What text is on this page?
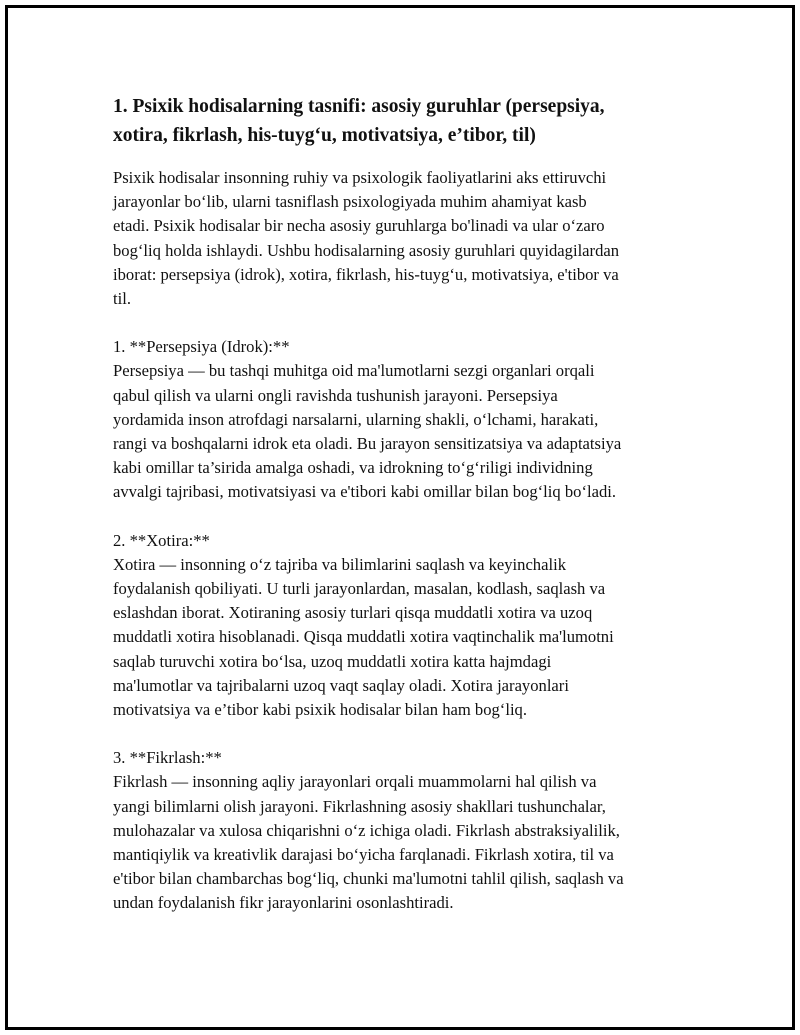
1. Psixik hodisalarning tasnifi: asosiy guruhlar (persepsiya,
xotira, fikrlash, his-tuyg‘u, motivatsiya, e’tibor, til)

Psixik hodisalar insonning ruhiy va psixologik faoliyatlarini aks ettiruvchi
jarayonlar bo‘lib, ularni tasniflash psixologiyada muhim ahamiyat kasb
etadi. Psixik hodisalar bir necha asosiy guruhlarga bo'linadi va ular o‘zaro
bog‘liq holda ishlaydi. Ushbu hodisalarning asosiy guruhlari quyidagilardan
iborat: persepsiya (idrok), xotira, fikrlash, his-tuyg‘u, motivatsiya, e'tibor va
til.

1. **Persepsiya (Idrok):**

Persepsiya — bu tashqi muhitga oid ma'lumotlarni sezgi organlari orqali
qabul qilish va ularni ongli ravishda tushunish jarayoni. Persepsiya
yordamida inson atrofdagi narsalarni, ularning shakli, o‘lchami, harakati,
rangi va boshqalarni idrok eta oladi. Bu jarayon sensitizatsiya va adaptatsiya
kabi omillar ta’sirida amalga oshadi, va idrokning to‘g‘riligi individning
avvalgi tajribasi, motivatsiyasi va e'tibori kabi omillar bilan bog‘liq bo‘ladi.

2. **Xotira:**

Xotira — insonning o‘z tajriba va bilimlarini saqlash va keyinchalik
foydalanish qobiliyati. U turli jarayonlardan, masalan, kodlash, saqlash va
eslashdan iborat. Xotiraning asosiy turlari qisqa muddatli xotira va uzoq
muddatli xotira hisoblanadi. Qisqa muddatli xotira vaqtinchalik ma'lumotni
saqlab turuvchi xotira bo‘lsa, uzoq muddatli xotira katta hajmdagi
ma'lumotlar va tajribalarni uzoq vaqt saqlay oladi. Xotira jarayonlari
motivatsiya va e’tibor kabi psixik hodisalar bilan ham bog‘liq.

3. **Fikrlash:**

Fikrlash — insonning aqliy jarayonlari orqali muammolarni hal qilish va
yangi bilimlarni olish jarayoni. Fikrlashning asosiy shakllari tushunchalar,
mulohazalar va xulosa chiqarishni o‘z ichiga oladi. Fikrlash abstraksiyalilik,
mantiqiylik va kreativlik darajasi bo‘yicha farqlanadi. Fikrlash xotira, til va
e'tibor bilan chambarchas bog‘liq, chunki ma'lumotni tahlil qilish, saqlash va
undan foydalanish fikr jarayonlarini osonlashtiradi.
